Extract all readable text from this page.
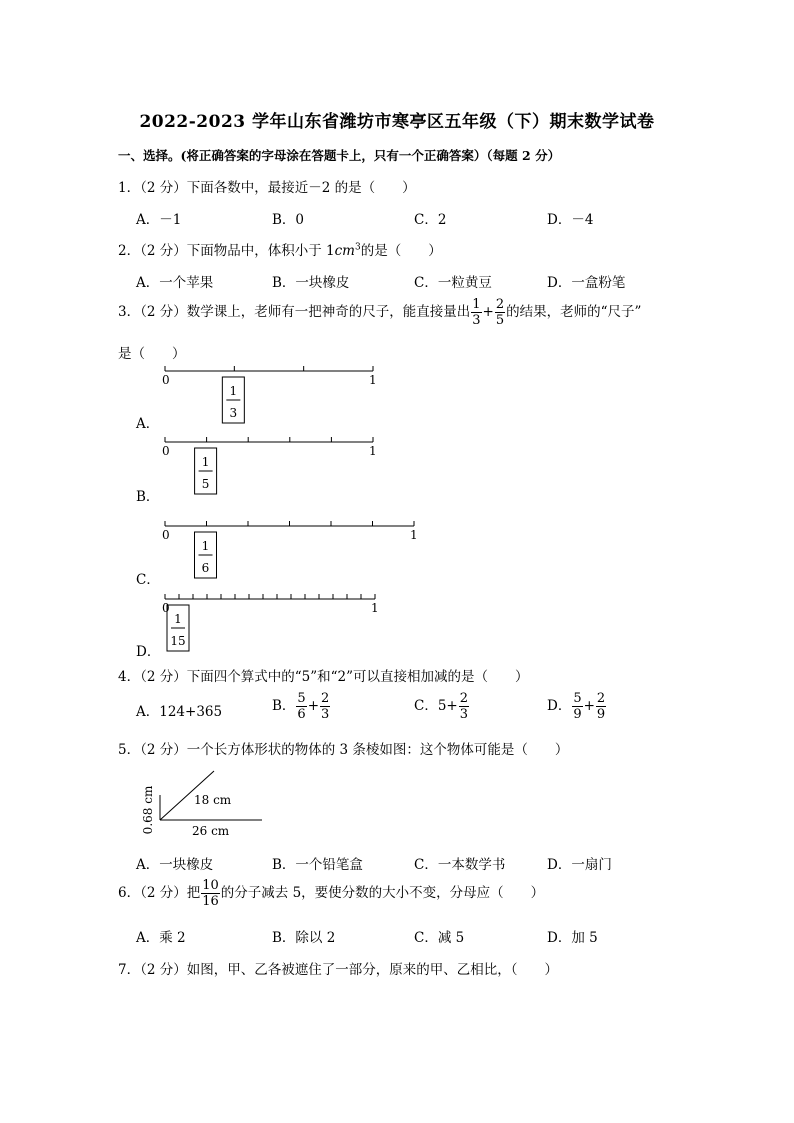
2022-2023 学年山东省潍坊市寒亭区五年级（下）期末数学试卷
一、选择。(将正确答案的字母涂在答题卡上，只有一个正确答案）（每题 2 分）
1．（2 分）下面各数中，最接近－2 的是（　　）
A．－1	B．0	C．2	D．－4
2．（2 分）下面物品中，体积小于 $1cm^3$的是（　　）
A．一个苹果	B．一块橡皮	C．一粒黄豆	D．一盒粉笔
3．（2 分）数学课上，老师有一把神奇的尺子，能直接量出 $\frac{1}{3} + \frac{2}{5}$ 的结果，老师的“尺子”
是（　　）
0	1
1
3
0	1
1
5
0	1
1
6
0	1
1
15
A．
B．
C．
D．
4．（2 分）下面四个算式中的“5”和“2”可以直接相加减的是（　　）
A．124+365	B． $\frac{5}{6} + \frac{2}{3}$	C．$5+ \frac{2}{3}$	D． $\frac{5}{9} + \frac{2}{9}$
5．（2 分）一个长方体形状的物体的 3 条棱如图：这个物体可能是（　　）
0.68 cm	18 cm
26 cm
A．一块橡皮	B．一个铅笔盒	C．一本数学书	D．一扇门
6．（2 分）把 $\frac{10}{16}$ 的分子减去 5，要使分数的大小不变，分母应（　　）
A．乘 2	B．除以 2	C．减 5	D．加 5
7．（2 分）如图，甲、乙各被遮住了一部分，原来的甲、乙相比，（　　）
